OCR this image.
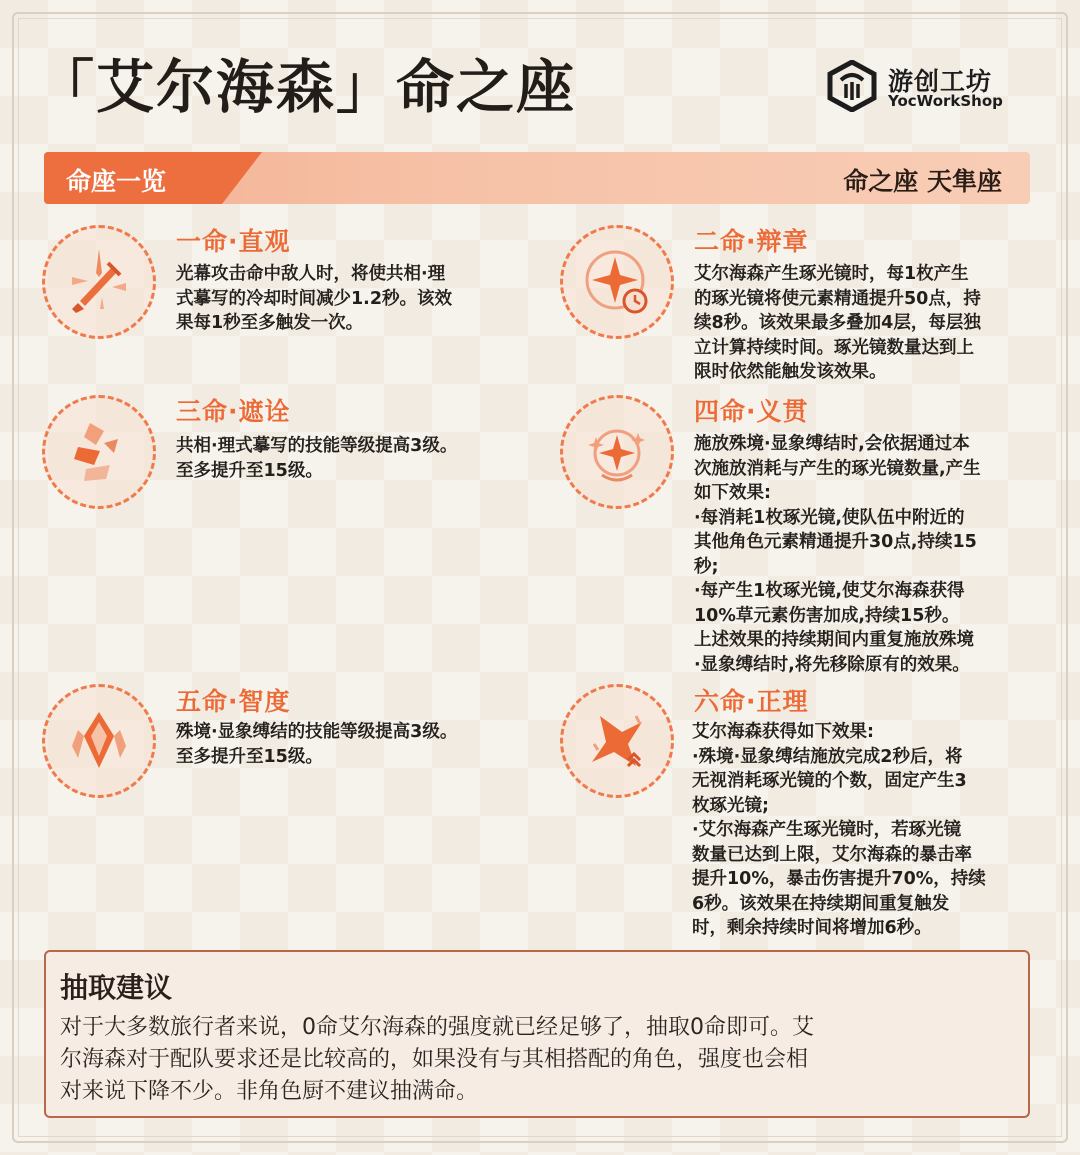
「艾尔海森」命之座	游创工坊
YocWorkShop
命座一览	命之座 天隼座
一命·直观

光幕攻击命中敌人时，将使共相·理

式摹写的冷却时间减少1.2秒。该效

果每1秒至多触发一次。

二命·辩章

艾尔海森产生琢光镜时，每1枚产生

的琢光镜将使元素精通提升50点，持

续8秒。该效果最多叠加4层，每层独

立计算持续时间。琢光镜数量达到上

限时依然能触发该效果。

三命·遮诠

共相·理式摹写的技能等级提高3级。

至多提升至15级。

四命·义贯

施放殊境·显象缚结时,会依据通过本

次施放消耗与产生的琢光镜数量,产生

如下效果:

·每消耗1枚琢光镜,使队伍中附近的

其他角色元素精通提升30点,持续15

秒;

·每产生1枚琢光镜,使艾尔海森获得

10%草元素伤害加成,持续15秒。

上述效果的持续期间内重复施放殊境

·显象缚结时,将先移除原有的效果。

五命·智度

殊境·显象缚结的技能等级提高3级。

至多提升至15级。

六命·正理

艾尔海森获得如下效果:

·殊境·显象缚结施放完成2秒后，将

无视消耗琢光镜的个数，固定产生3

枚琢光镜;

·艾尔海森产生琢光镜时，若琢光镜

数量已达到上限，艾尔海森的暴击率

提升10%，暴击伤害提升70%，持续

6秒。该效果在持续期间重复触发

时，剩余持续时间将增加6秒。

抽取建议

对于大多数旅行者来说，0命艾尔海森的强度就已经足够了，抽取0命即可。艾

尔海森对于配队要求还是比较高的，如果没有与其相搭配的角色，强度也会相

对来说下降不少。非角色厨不建议抽满命。
